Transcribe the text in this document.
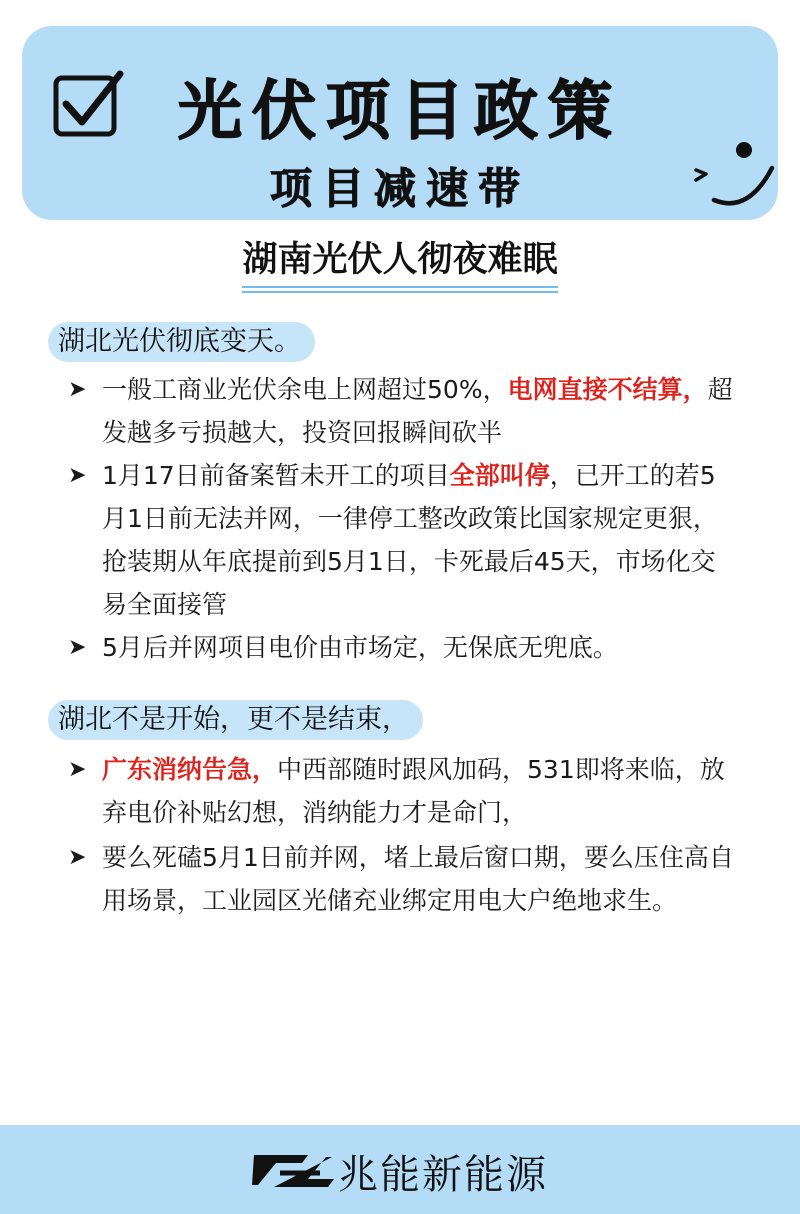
光伏项目政策
项目减速带
湖南光伏人彻夜难眠
湖北光伏彻底变天。
➤ 一般工商业光伏余电上网超过50%，电网直接不结算，超发越多亏损越大，投资回报瞬间砍半
➤ 1月17日前备案暂未开工的项目全部叫停，已开工的若5月1日前无法并网，一律停工整改政策比国家规定更狠，抢装期从年底提前到5月1日，卡死最后45天，市场化交易全面接管
➤ 5月后并网项目电价由市场定，无保底无兜底。
湖北不是开始，更不是结束，
➤ 广东消纳告急，中西部随时跟风加码，531即将来临，放弃电价补贴幻想，消纳能力才是命门，
➤ 要么死磕5月1日前并网，堵上最后窗口期，要么压住高自用场景，工业园区光储充业绑定用电大户绝地求生。
兆能新能源
